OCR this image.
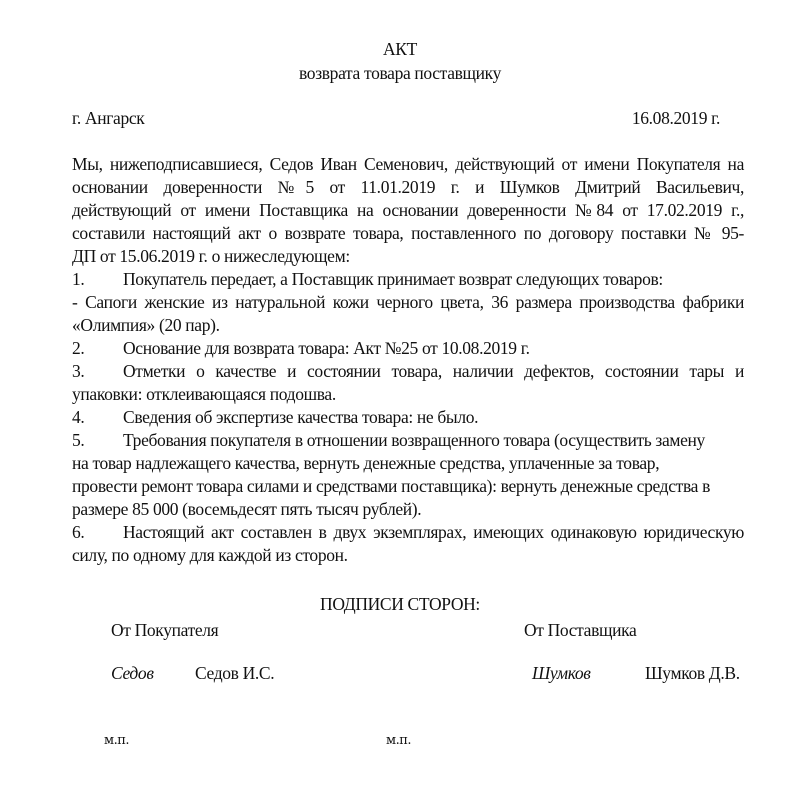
АКТ
возврата товара поставщику
г. Ангарск	16.08.2019 г.
Мы, нижеподписавшиеся, Седов Иван Семенович, действующий от имени Покупателя на
основании доверенности №5 от 11.01.2019 г. и Шумков Дмитрий Васильевич,
действующий от имени Поставщика на основании доверенности №84 от 17.02.2019 г.,
составили настоящий акт о возврате товара, поставленного по договору поставки № 95-
ДП от 15.06.2019 г. о нижеследующем:
1. Покупатель передает, а Поставщик принимает возврат следующих товаров:
- Сапоги женские из натуральной кожи черного цвета, 36 размера производства фабрики
«Олимпия» (20 пар).
2. Основание для возврата товара: Акт №25 от 10.08.2019 г.
3.	Отметки о качестве и состоянии товара, наличии дефектов, состоянии тары и
упаковки: отклеивающаяся подошва.
4. Сведения об экспертизе качества товара: не было.
5. Требования покупателя в отношении возвращенного товара (осуществить замену
на товар надлежащего качества, вернуть денежные средства, уплаченные за товар,
провести ремонт товара силами и средствами поставщика): вернуть денежные средства в
размере 85 000 (восемьдесят пять тысяч рублей).
6.	Настоящий акт составлен в двух экземплярах, имеющих одинаковую юридическую
силу, по одному для каждой из сторон.
ПОДПИСИ СТОРОН:
От Покупателя	От Поставщика
Седов Седов И.С.	Шумков	Шумков Д.В.
м.п.	м.п.
